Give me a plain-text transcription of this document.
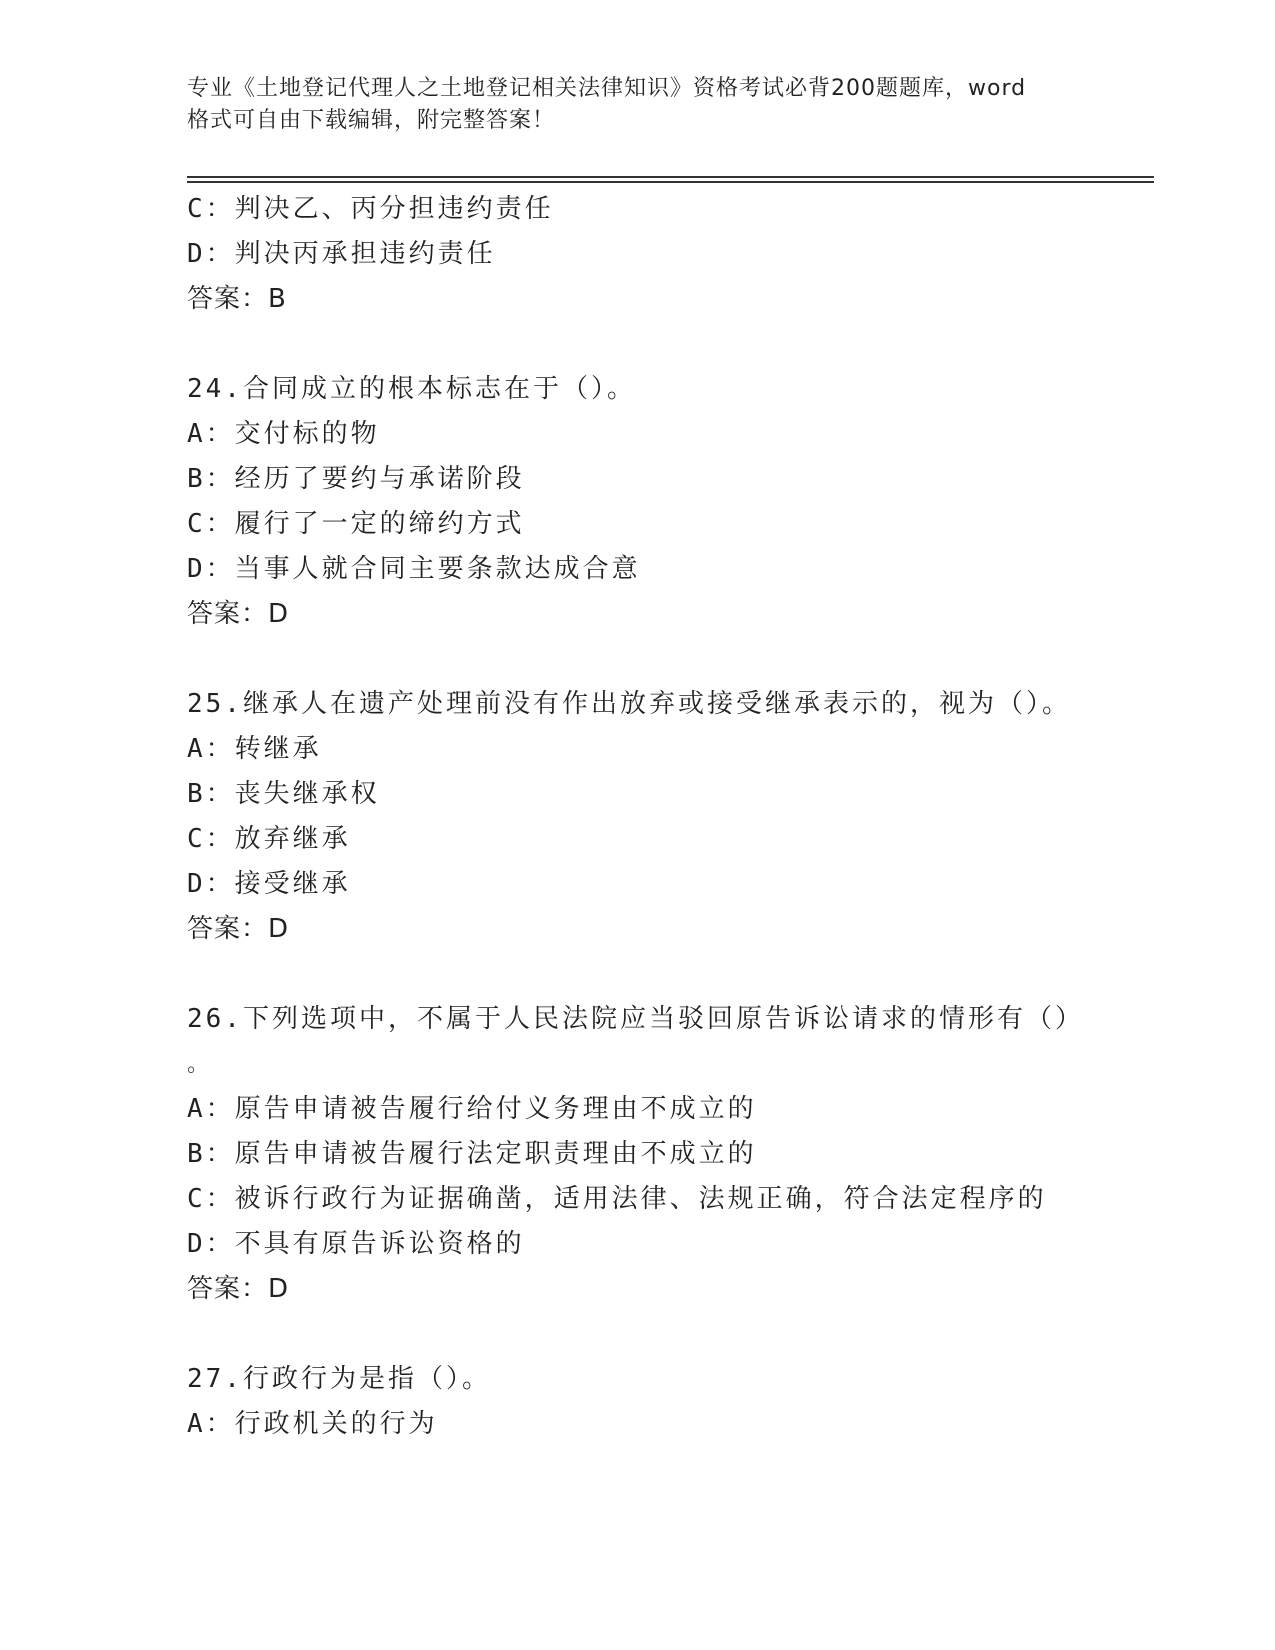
专业《土地登记代理人之土地登记相关法律知识》资格考试必背200题题库，word
格式可自由下载编辑，附完整答案！
C：判决乙、丙分担违约责任
D：判决丙承担违约责任
答案：B
24.合同成立的根本标志在于（）。
A：交付标的物
B：经历了要约与承诺阶段
C：履行了一定的缔约方式
D：当事人就合同主要条款达成合意
答案：D
25.继承人在遗产处理前没有作出放弃或接受继承表示的，视为（）。
A：转继承
B：丧失继承权
C：放弃继承
D：接受继承
答案：D
26.下列选项中，不属于人民法院应当驳回原告诉讼请求的情形有（）
。
A：原告申请被告履行给付义务理由不成立的
B：原告申请被告履行法定职责理由不成立的
C：被诉行政行为证据确凿，适用法律、法规正确，符合法定程序的
D：不具有原告诉讼资格的
答案：D
27.行政行为是指（）。
A：行政机关的行为
